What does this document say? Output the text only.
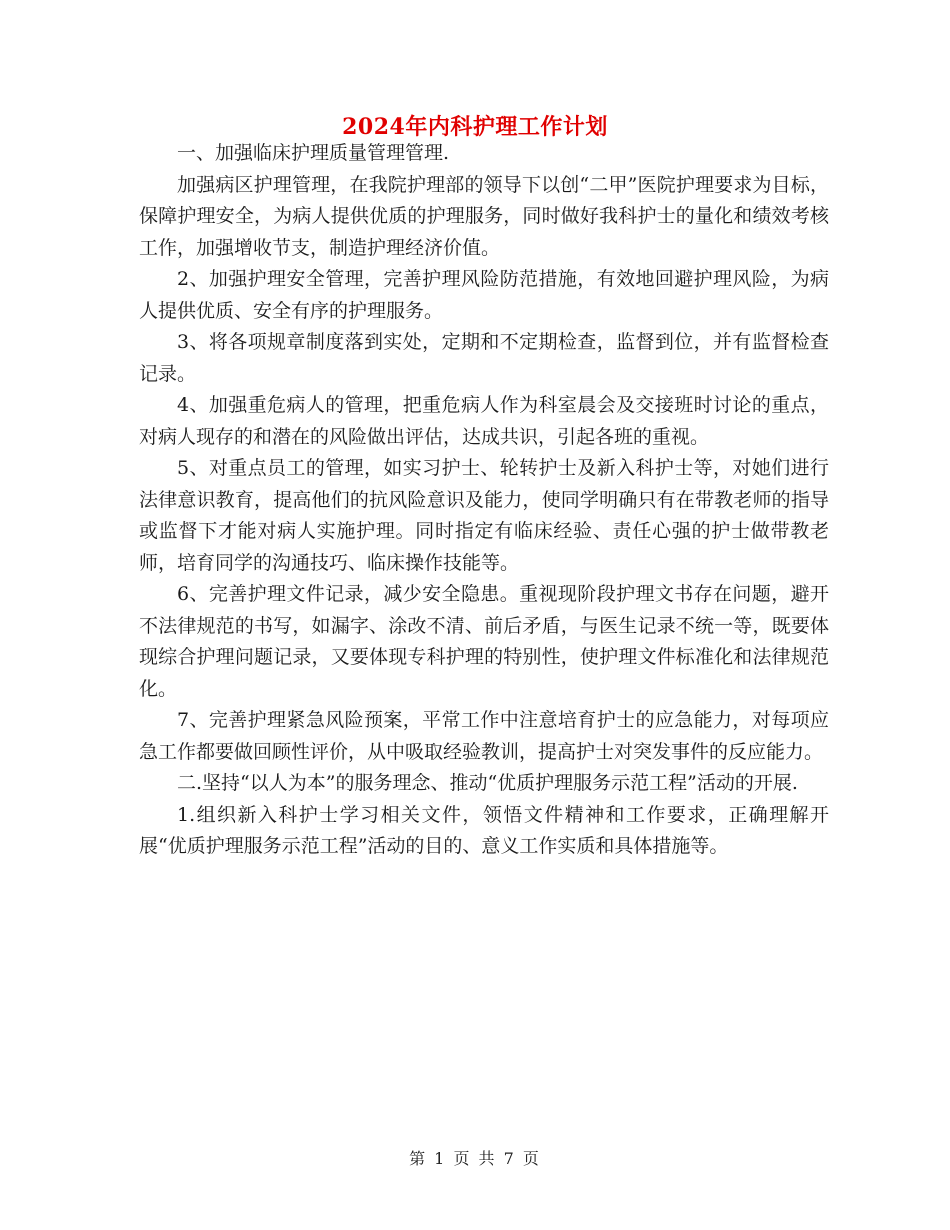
2024年内科护理工作计划

一、加强临床护理质量管理管理.

加强病区护理管理，在我院护理部的领导下以创“二甲”医院护理要求为目标，保障护理安全，为病人提供优质的护理服务，同时做好我科护士的量化和绩效考核工作，加强增收节支，制造护理经济价值。

2、加强护理安全管理，完善护理风险防范措施，有效地回避护理风险，为病人提供优质、安全有序的护理服务。

3、将各项规章制度落到实处，定期和不定期检查，监督到位，并有监督检查记录。

4、加强重危病人的管理，把重危病人作为科室晨会及交接班时讨论的重点，对病人现存的和潜在的风险做出评估，达成共识，引起各班的重视。

5、对重点员工的管理，如实习护士、轮转护士及新入科护士等，对她们进行法律意识教育，提高他们的抗风险意识及能力，使同学明确只有在带教老师的指导或监督下才能对病人实施护理。同时指定有临床经验、责任心强的护士做带教老师，培育同学的沟通技巧、临床操作技能等。

6、完善护理文件记录，减少安全隐患。重视现阶段护理文书存在问题，避开不法律规范的书写，如漏字、涂改不清、前后矛盾，与医生记录不统一等，既要体现综合护理问题记录，又要体现专科护理的特别性，使护理文件标准化和法律规范化。

7、完善护理紧急风险预案，平常工作中注意培育护士的应急能力，对每项应急工作都要做回顾性评价，从中吸取经验教训，提高护士对突发事件的反应能力。

二.坚持“以人为本”的服务理念、推动“优质护理服务示范工程”活动的开展.

1.组织新入科护士学习相关文件，领悟文件精神和工作要求，正确理解开展“优质护理服务示范工程”活动的目的、意义工作实质和具体措施等。

第 1 页 共 7 页
